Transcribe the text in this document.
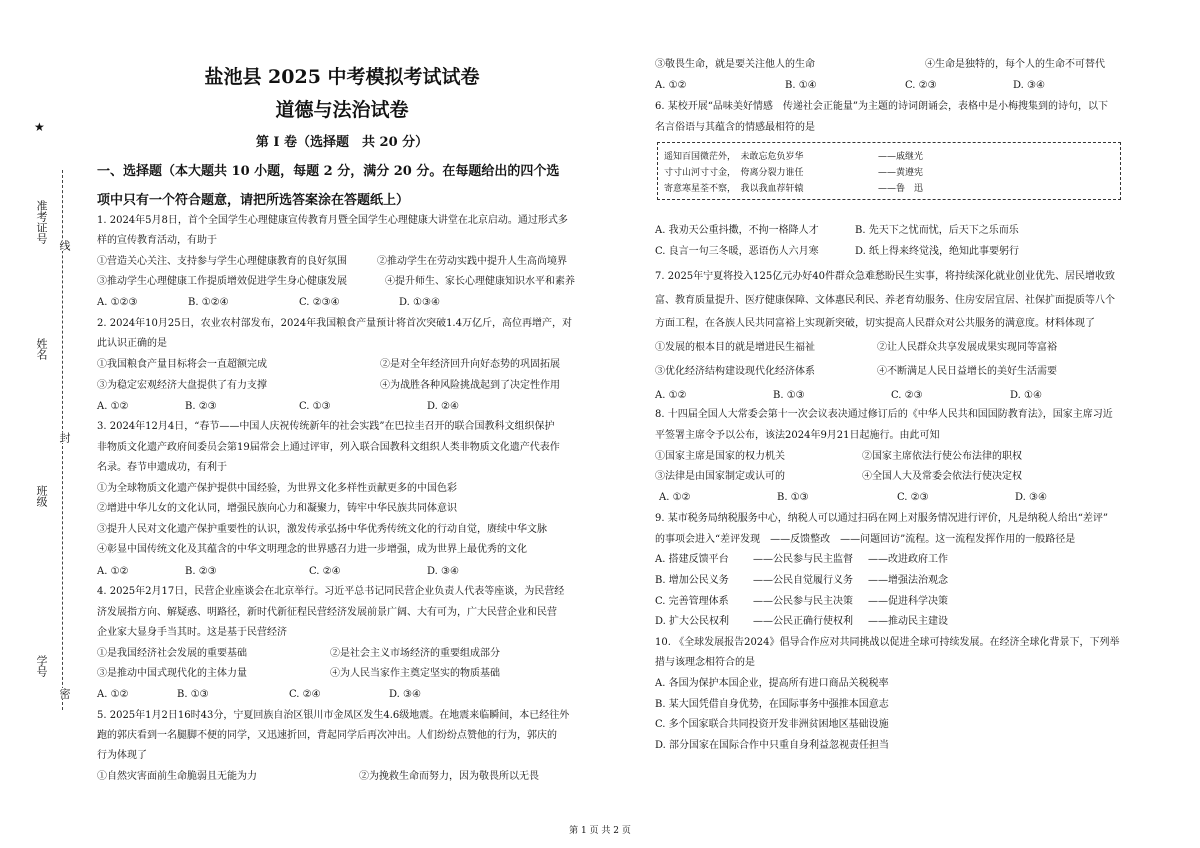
★
准考证号
姓名
班级
学号
线
封
密
盐池县 2025 中考模拟考试试卷
道德与法治试卷
第 I 卷（选择题　共 20 分）
一、选择题（本大题共 10 小题，每题 2 分，满分 20 分。在每题给出的四个选
项中只有一个符合题意，请把所选答案涂在答题纸上）
1. 2024年5月8日，首个全国学生心理健康宣传教育月暨全国学生心理健康大讲堂在北京启动。通过形式多
样的宣传教育活动，有助于
①营造关心关注、支持参与学生心理健康教育的良好氛围	②推动学生在劳动实践中提升人生高尚境界
③推动学生心理健康工作提质增效促进学生身心健康发展	④提升师生、家长心理健康知识水平和素养
A. ①②③	B. ①②④	C. ②③④	D. ①③④
2. 2024年10月25日，农业农村部发布，2024年我国粮食产量预计将首次突破1.4万亿斤，高位再增产，对
此认识正确的是
①我国粮食产量目标将会一直超额完成	②是对全年经济回升向好态势的巩固拓展
③为稳定宏观经济大盘提供了有力支撑	④为战胜各种风险挑战起到了决定性作用
A. ①②	B. ②③	C. ①③	D. ②④
3. 2024年12月4日，“春节——中国人庆祝传统新年的社会实践”在巴拉圭召开的联合国教科文组织保护
非物质文化遗产政府间委员会第19届常会上通过评审，列入联合国教科文组织人类非物质文化遗产代表作
名录。春节申遗成功，有利于
①为全球物质文化遗产保护提供中国经验，为世界文化多样性贡献更多的中国色彩
②增进中华儿女的文化认同，增强民族向心力和凝聚力，铸牢中华民族共同体意识
③提升人民对文化遗产保护重要性的认识，激发传承弘扬中华优秀传统文化的行动自觉，赓续中华文脉
④彰显中国传统文化及其蕴含的中华文明理念的世界感召力进一步增强，成为世界上最优秀的文化
A. ①②	B. ②③	C. ②④	D. ③④
4. 2025年2月17日，民营企业座谈会在北京举行。习近平总书记同民营企业负责人代表等座谈，为民营经
济发展指方向、解疑惑、明路径，新时代新征程民营经济发展前景广阔、大有可为，广大民营企业和民营
企业家大显身手当其时。这是基于民营经济
①是我国经济社会发展的重要基础	②是社会主义市场经济的重要组成部分
③是推动中国式现代化的主体力量	④为人民当家作主奠定坚实的物质基础
A. ①②	B. ①③	C. ②④	D. ③④
5. 2025年1月2日16时43分，宁夏回族自治区银川市金凤区发生4.6级地震。在地震来临瞬间，本已经往外
跑的郭庆看到一名腿脚不便的同学，又迅速折回，背起同学后再次冲出。人们纷纷点赞他的行为，郭庆的
行为体现了
①自然灾害面前生命脆弱且无能为力	②为挽救生命而努力，因为敬畏所以无畏
③敬畏生命，就是要关注他人的生命	④生命是独特的，每个人的生命不可替代
A. ①②	B. ①④	C. ②③	D. ③④
6. 某校开展“品味美好情感　传递社会正能量”为主题的诗词朗诵会，表格中是小梅搜集到的诗句，以下
名言俗语与其蕴含的情感最相符的是
遥知百国微茫外，　未敢忘危负岁华	——戚继光
寸寸山河寸寸金，　侉离分裂力谁任	——黄遵宪
寄意寒星荃不察，　我以我血荐轩辕	——鲁　迅
A. 我劝天公重抖擞，不拘一格降人才	B. 先天下之忧而忧，后天下之乐而乐
C. 良言一句三冬暖，恶语伤人六月寒	D. 纸上得来终觉浅，绝知此事要躬行
7. 2025年宁夏将投入125亿元办好40件群众急难愁盼民生实事，将持续深化就业创业优先、居民增收致
富、教育质量提升、医疗健康保障、文体惠民利民、养老育幼服务、住房安居宜居、社保扩面提质等八个
方面工程，在各族人民共同富裕上实现新突破，切实提高人民群众对公共服务的满意度。材料体现了
①发展的根本目的就是增进民生福祉	②让人民群众共享发展成果实现同等富裕
③优化经济结构建设现代化经济体系	④不断满足人民日益增长的美好生活需要
A. ①②	B. ①③	C. ②③	D. ①④
8. 十四届全国人大常委会第十一次会议表决通过修订后的《中华人民共和国国防教育法》，国家主席习近
平签署主席令予以公布，该法2024年9月21日起施行。由此可知
①国家主席是国家的权力机关	②国家主席依法行使公布法律的职权
③法律是由国家制定或认可的	④全国人大及常委会依法行使决定权
A. ①②	B. ①③	C. ②③	D. ③④
9. 某市税务局纳税服务中心，纳税人可以通过扫码在网上对服务情况进行评价，凡是纳税人给出“差评”
的事项会进入“差评发现　——反馈整改　——问题回访”流程。这一流程发挥作用的一般路径是
A. 搭建反馈平台 ——公民参与民主监督 ——改进政府工作
B. 增加公民义务 ——公民自觉履行义务 ——增强法治观念
C. 完善管理体系 ——公民参与民主决策 ——促进科学决策
D. 扩大公民权利 ——公民正确行使权利 ——推动民主建设
10. 《全球发展报告2024》倡导合作应对共同挑战以促进全球可持续发展。在经济全球化背景下，下列举
措与该理念相符合的是
A. 各国为保护本国企业，提高所有进口商品关税税率
B. 某大国凭借自身优势，在国际事务中强推本国意志
C. 多个国家联合共同投资开发非洲贫困地区基础设施
D. 部分国家在国际合作中只重自身利益忽视责任担当
第 1 页 共 2 页
